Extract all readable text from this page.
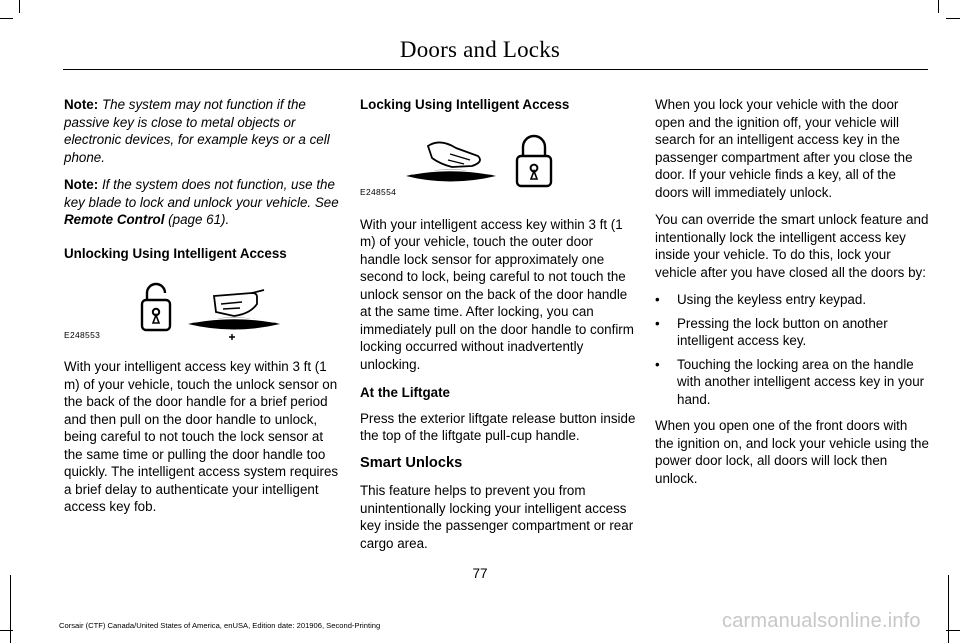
Doors and Locks

Note: The system may not function if the passive key is close to metal objects or electronic devices, for example keys or a cell phone.

Note: If the system does not function, use the key blade to lock and unlock your vehicle. See Remote Control (page 61).

Unlocking Using Intelligent Access

E248553

With your intelligent access key within 3 ft (1 m) of your vehicle, touch the unlock sensor on the back of the door handle for a brief period and then pull on the door handle to unlock, being careful to not touch the lock sensor at the same time or pulling the door handle too quickly. The intelligent access system requires a brief delay to authenticate your intelligent access key fob.

Locking Using Intelligent Access

E248554

With your intelligent access key within 3 ft (1 m) of your vehicle, touch the outer door handle lock sensor for approximately one second to lock, being careful to not touch the unlock sensor on the back of the door handle at the same time. After locking, you can immediately pull on the door handle to confirm locking occurred without inadvertently unlocking.

At the Liftgate

Press the exterior liftgate release button inside the top of the liftgate pull-cup handle.

Smart Unlocks

This feature helps to prevent you from unintentionally locking your intelligent access key inside the passenger compartment or rear cargo area.

When you lock your vehicle with the door open and the ignition off, your vehicle will search for an intelligent access key in the passenger compartment after you close the door. If your vehicle finds a key, all of the doors will immediately unlock.

You can override the smart unlock feature and intentionally lock the intelligent access key inside your vehicle. To do this, lock your vehicle after you have closed all the doors by:

• Using the keyless entry keypad.
• Pressing the lock button on another intelligent access key.
• Touching the locking area on the handle with another intelligent access key in your hand.

When you open one of the front doors with the ignition on, and lock your vehicle using the power door lock, all doors will lock then unlock.

77
Corsair (CTF) Canada/United States of America, enUSA, Edition date: 201906, Second-Printing	carmanualsonline.info
